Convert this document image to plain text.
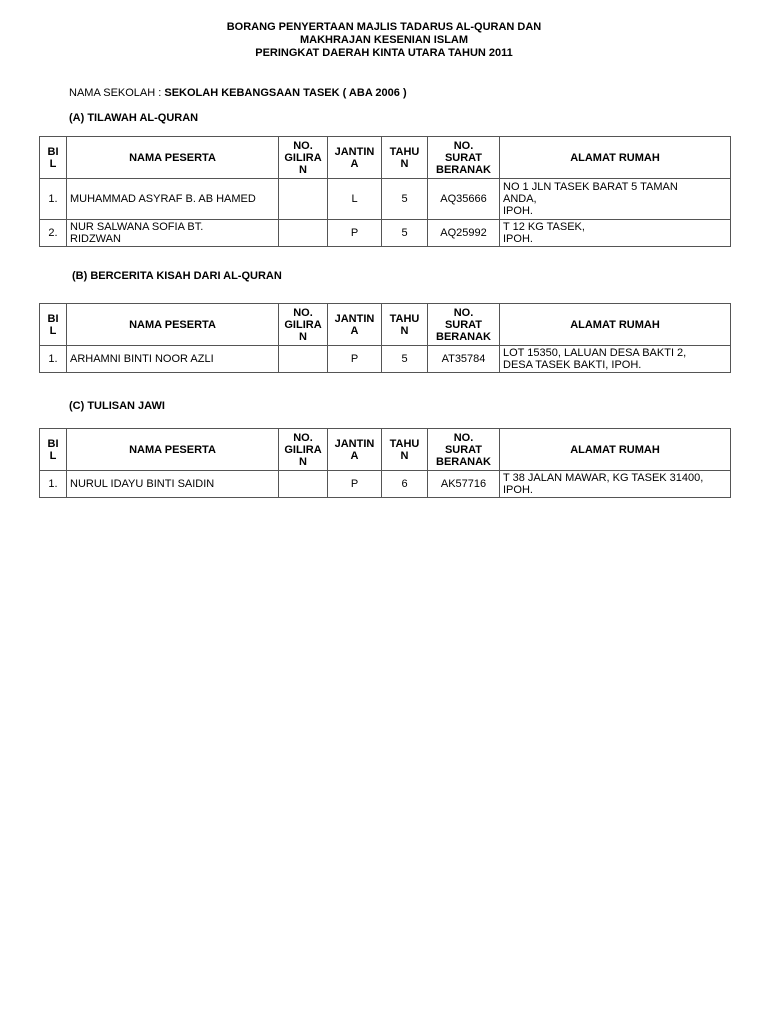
BORANG PENYERTAAN MAJLIS TADARUS AL-QURAN DAN
MAKHRAJAN KESENIAN ISLAM
PERINGKAT DAERAH KINTA UTARA TAHUN 2011
NAMA SEKOLAH : SEKOLAH KEBANGSAAN TASEK ( ABA 2006 )
(A) TILAWAH AL-QURAN
BI
L	NAMA PESERTA	NO.
GILIRA
N	JANTIN
A	TAHU
N	NO.
SURAT
BERANAK	ALAMAT RUMAH
1.	MUHAMMAD ASYRAF B. AB HAMED		L	5	AQ35666	NO 1 JLN TASEK BARAT 5 TAMAN
ANDA,
IPOH.
2.	NUR SALWANA SOFIA BT.
RIDZWAN		P	5	AQ25992	T 12 KG TASEK,
IPOH.
(B) BERCERITA KISAH DARI AL-QURAN
BI
L	NAMA PESERTA	NO.
GILIRA
N	JANTIN
A	TAHU
N	NO.
SURAT
BERANAK	ALAMAT RUMAH
1.	ARHAMNI BINTI NOOR AZLI		P	5	AT35784	LOT 15350, LALUAN DESA BAKTI 2,
DESA TASEK BAKTI, IPOH.
(C) TULISAN JAWI
BI
L	NAMA PESERTA	NO.
GILIRA
N	JANTIN
A	TAHU
N	NO.
SURAT
BERANAK	ALAMAT RUMAH
1.	NURUL IDAYU BINTI SAIDIN		P	6	AK57716	T 38 JALAN MAWAR, KG TASEK 31400,
IPOH.
